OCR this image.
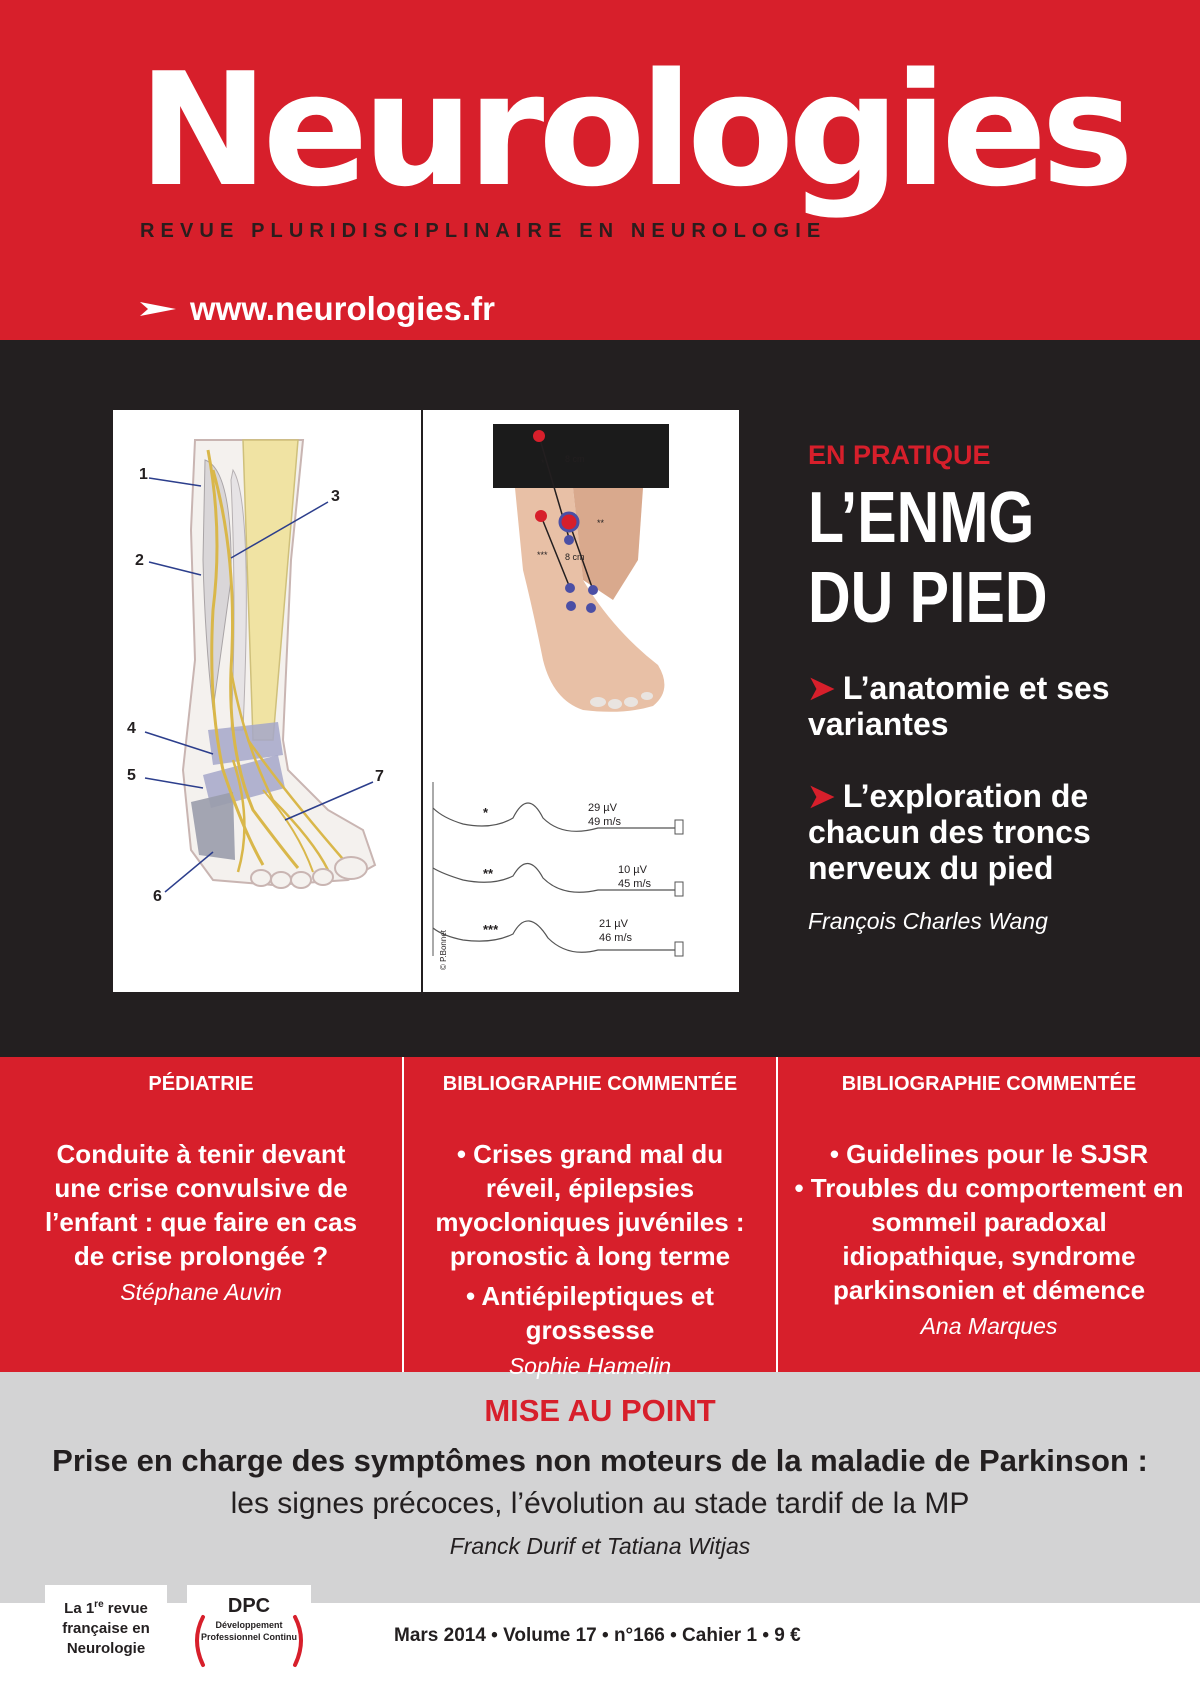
Neurologies
REVUE PLURIDISCIPLINAIRE EN NEUROLOGIE
www.neurologies.fr
1
2
3
4
5
6
7
*
**
***
8 cm
8 cm
*	29 µV
49 m/s
**	10 µV
45 m/s
***	21 µV
46 m/s
© P.Bonnet
EN PRATIQUE
L’ENMG DU PIED
➤ L’anatomie et ses variantes
➤ L’exploration de chacun des troncs nerveux du pied
François Charles Wang
PÉDIATRIE

Conduite à tenir devant une crise convulsive de l’enfant : que faire en cas de crise prolongée ?

Stéphane Auvin
BIBLIOGRAPHIE COMMENTÉE

• Crises grand mal du réveil, épilepsies myocloniques juvéniles : pronostic à long terme

• Antiépileptiques et grossesse

Sophie Hamelin
BIBLIOGRAPHIE COMMENTÉE

• Guidelines pour le SJSR

• Troubles du comportement en sommeil paradoxal idiopathique, syndrome parkinsonien et démence

Ana Marques
MISE AU POINT
Prise en charge des symptômes non moteurs de la maladie de Parkinson :
les signes précoces, l’évolution au stade tardif de la MP
Franck Durif et Tatiana Witjas
La 1re revue
française en
Neurologie
DPC
Développement Professionnel Continu	Mars 2014 • Volume 17 • n°166 • Cahier 1 • 9 €
